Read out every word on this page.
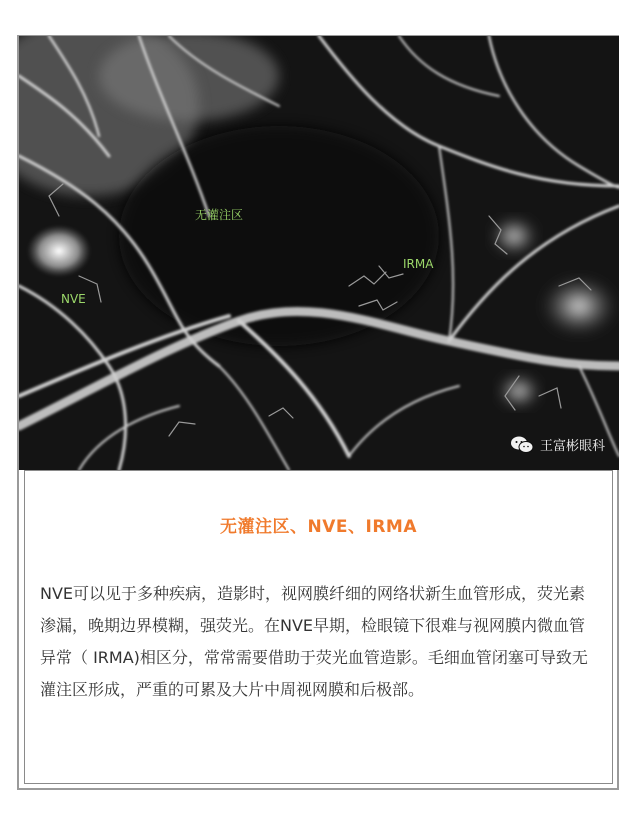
无灌注区
IRMA
NVE
王富彬眼科
无灌注区、NVE、IRMA
NVE可以见于多种疾病，造影时，视网膜纤细的网络状新生血管形成，荧光素渗漏，晚期边界模糊，强荧光。在NVE早期，检眼镜下很难与视网膜内微血管异常（ IRMA)相区分，常常需要借助于荧光血管造影。毛细血管闭塞可导致无灌注区形成，严重的可累及大片中周视网膜和后极部。
